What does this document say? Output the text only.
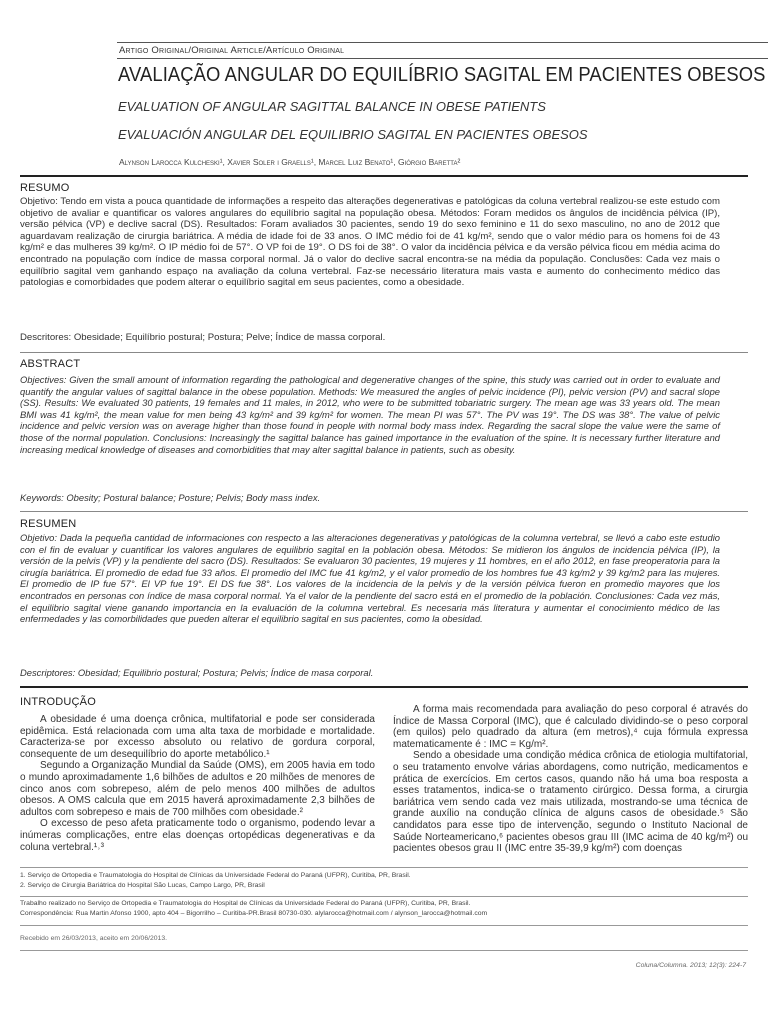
Artigo Original/Original Article/Artículo Original
AVALIAÇÃO ANGULAR DO EQUILÍBRIO SAGITAL EM PACIENTES OBESOS
EVALUATION OF ANGULAR SAGITTAL BALANCE IN OBESE PATIENTS
EVALUACIÓN ANGULAR DEL EQUILIBRIO SAGITAL EN PACIENTES OBESOS
Alynson Larocca Kulcheski¹, Xavier Soler i Graells¹, Marcel Luiz Benato¹, Giórgio Baretta²
RESUMO
Objetivo: Tendo em vista a pouca quantidade de informações a respeito das alterações degenerativas e patológicas da coluna vertebral realizou-se este estudo com objetivo de avaliar e quantificar os valores angulares do equilíbrio sagital na população obesa. Métodos: Foram medidos os ângulos de incidência pélvica (IP), versão pélvica (VP) e declive sacral (DS). Resultados: Foram avaliados 30 pacientes, sendo 19 do sexo feminino e 11 do sexo masculino, no ano de 2012 que aguardavam realização de cirurgia bariátrica. A média de idade foi de 33 anos. O IMC médio foi de 41 kg/m², sendo que o valor médio para os homens foi de 43 kg/m² e das mulheres 39 kg/m². O IP médio foi de 57°. O VP foi de 19°. O DS foi de 38°. O valor da incidência pélvica e da versão pélvica ficou em média acima do encontrado na população com índice de massa corporal normal. Já o valor do declive sacral encontra-se na média da população. Conclusões: Cada vez mais o equilíbrio sagital vem ganhando espaço na avaliação da coluna vertebral. Faz-se necessário literatura mais vasta e aumento do conhecimento médico das patologias e comorbidades que podem alterar o equilíbrio sagital em seus pacientes, como a obesidade.
Descritores: Obesidade; Equilíbrio postural; Postura; Pelve; Índice de massa corporal.
ABSTRACT
Objectives: Given the small amount of information regarding the pathological and degenerative changes of the spine, this study was carried out in order to evaluate and quantify the angular values of sagittal balance in the obese population. Methods: We measured the angles of pelvic incidence (PI), pelvic version (PV) and sacral slope (SS). Results: We evaluated 30 patients, 19 females and 11 males, in 2012, who were to be submitted tobariatric surgery. The mean age was 33 years old. The mean BMI was 41 kg/m², the mean value for men being 43 kg/m² and 39 kg/m² for women. The mean PI was 57°. The PV was 19°. The DS was 38°. The value of pelvic incidence and pelvic version was on average higher than those found in people with normal body mass index. Regarding the sacral slope the value were the same of those of the normal population. Conclusions: Increasingly the sagittal balance has gained importance in the evaluation of the spine. It is necessary further literature and increasing medical knowledge of diseases and comorbidities that may alter sagittal balance in patients, such as obesity.
Keywords: Obesity; Postural balance; Posture; Pelvis; Body mass index.
RESUMEN
Objetivo: Dada la pequeña cantidad de informaciones con respecto a las alteraciones degenerativas y patológicas de la columna vertebral, se llevó a cabo este estudio con el fin de evaluar y cuantificar los valores angulares de equilibrio sagital en la población obesa. Métodos: Se midieron los ángulos de incidencia pélvica (IP), la versión de la pelvis (VP) y la pendiente del sacro (DS). Resultados: Se evaluaron 30 pacientes, 19 mujeres y 11 hombres, en el año 2012, en fase preoperatoria para la cirugía bariátrica. El promedio de edad fue 33 años. El promedio del IMC fue 41 kg/m2, y el valor promedio de los hombres fue 43 kg/m2 y 39 kg/m2 para las mujeres. El promedio de IP fue 57°. El VP fue 19°. El DS fue 38°. Los valores de la incidencia de la pelvis y de la versión pélvica fueron en promedio mayores que los encontrados en personas con índice de masa corporal normal. Ya el valor de la pendiente del sacro está en el promedio de la población. Conclusiones: Cada vez más, el equilibrio sagital viene ganando importancia en la evaluación de la columna vertebral. Es necesaria más literatura y aumentar el conocimiento médico de las enfermedades y las comorbilidades que pueden alterar el equilibrio sagital en sus pacientes, como la obesidad.
Descriptores: Obesidad; Equilibrio postural; Postura; Pelvis; Índice de masa corporal.
INTRODUÇÃO
A obesidade é uma doença crônica, multifatorial e pode ser considerada epidêmica. Está relacionada com uma alta taxa de morbidade e mortalidade. Caracteriza-se por excesso absoluto ou relativo de gordura corporal, consequente de um desequilíbrio do aporte metabólico.¹
Segundo a Organização Mundial da Saúde (OMS), em 2005 havia em todo o mundo aproximadamente 1,6 bilhões de adultos e 20 milhões de menores de cinco anos com sobrepeso, além de pelo menos 400 milhões de adultos obesos. A OMS calcula que em 2015 haverá aproximadamente 2,3 bilhões de adultos com sobrepeso e mais de 700 milhões com obesidade.²
O excesso de peso afeta praticamente todo o organismo, podendo levar a inúmeras complicações, entre elas doenças ortopédicas degenerativas e da coluna vertebral.¹˒³
A forma mais recomendada para avaliação do peso corporal é através do Índice de Massa Corporal (IMC), que é calculado dividindo-se o peso corporal (em quilos) pelo quadrado da altura (em metros),⁴ cuja fórmula expressa matematicamente é : IMC = Kg/m².
Sendo a obesidade uma condição médica crônica de etiologia multifatorial, o seu tratamento envolve várias abordagens, como nutrição, medicamentos e prática de exercícios. Em certos casos, quando não há uma boa resposta a esses tratamentos, indica-se o tratamento cirúrgico. Dessa forma, a cirurgia bariátrica vem sendo cada vez mais utilizada, mostrando-se uma técnica de grande auxílio na condução clínica de alguns casos de obesidade.⁵ São candidatos para esse tipo de intervenção, segundo o Instituto Nacional de Saúde Norteamericano,⁶ pacientes obesos grau III (IMC acima de 40 kg/m²) ou pacientes obesos grau II (IMC entre 35-39,9 kg/m²) com doenças
1. Serviço de Ortopedia e Traumatologia do Hospital de Clínicas da Universidade Federal do Paraná (UFPR), Curitiba, PR, Brasil.
2. Serviço de Cirurgia Bariátrica do Hospital São Lucas, Campo Largo, PR, Brasil
Trabalho realizado no Serviço de Ortopedia e Traumatologia do Hospital de Clínicas da Universidade Federal do Paraná (UFPR), Curitiba, PR, Brasil.
Correspondência: Rua Martin Afonso 1900, apto 404 – Bigorrilho – Curitiba-PR.Brasil 80730-030. alylarocca@hotmail.com / alynson_larocca@hotmail.com
Recebido em 26/03/2013, aceito em 20/06/2013.
Coluna/Columna. 2013; 12(3): 224-7
